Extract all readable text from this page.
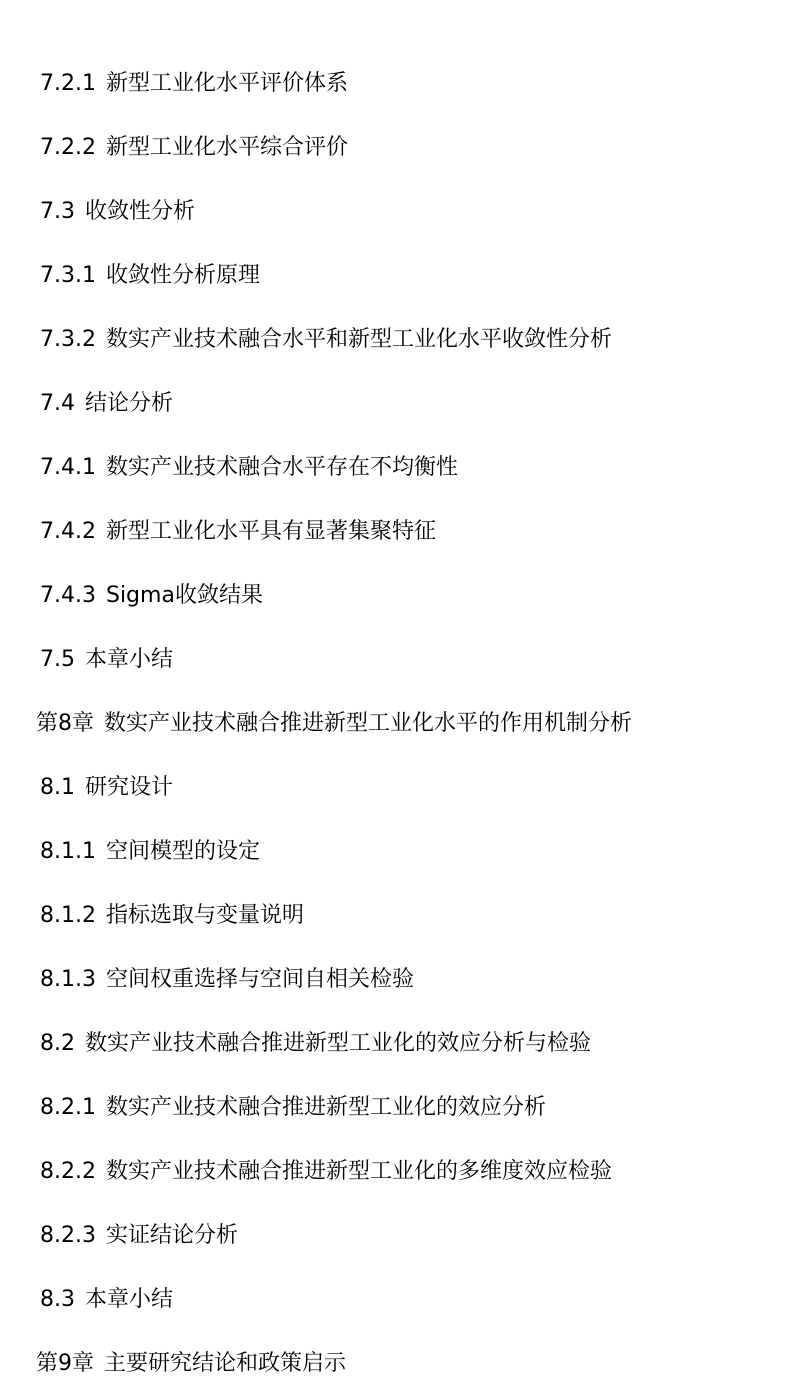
7.2.1 新型工业化水平评价体系
7.2.2 新型工业化水平综合评价
7.3 收敛性分析
7.3.1 收敛性分析原理
7.3.2 数实产业技术融合水平和新型工业化水平收敛性分析
7.4 结论分析
7.4.1 数实产业技术融合水平存在不均衡性
7.4.2 新型工业化水平具有显著集聚特征
7.4.3 Sigma收敛结果
7.5 本章小结
第8章 数实产业技术融合推进新型工业化水平的作用机制分析
8.1 研究设计
8.1.1 空间模型的设定
8.1.2 指标选取与变量说明
8.1.3 空间权重选择与空间自相关检验
8.2 数实产业技术融合推进新型工业化的效应分析与检验
8.2.1 数实产业技术融合推进新型工业化的效应分析
8.2.2 数实产业技术融合推进新型工业化的多维度效应检验
8.2.3 实证结论分析
8.3 本章小结
第9章 主要研究结论和政策启示
